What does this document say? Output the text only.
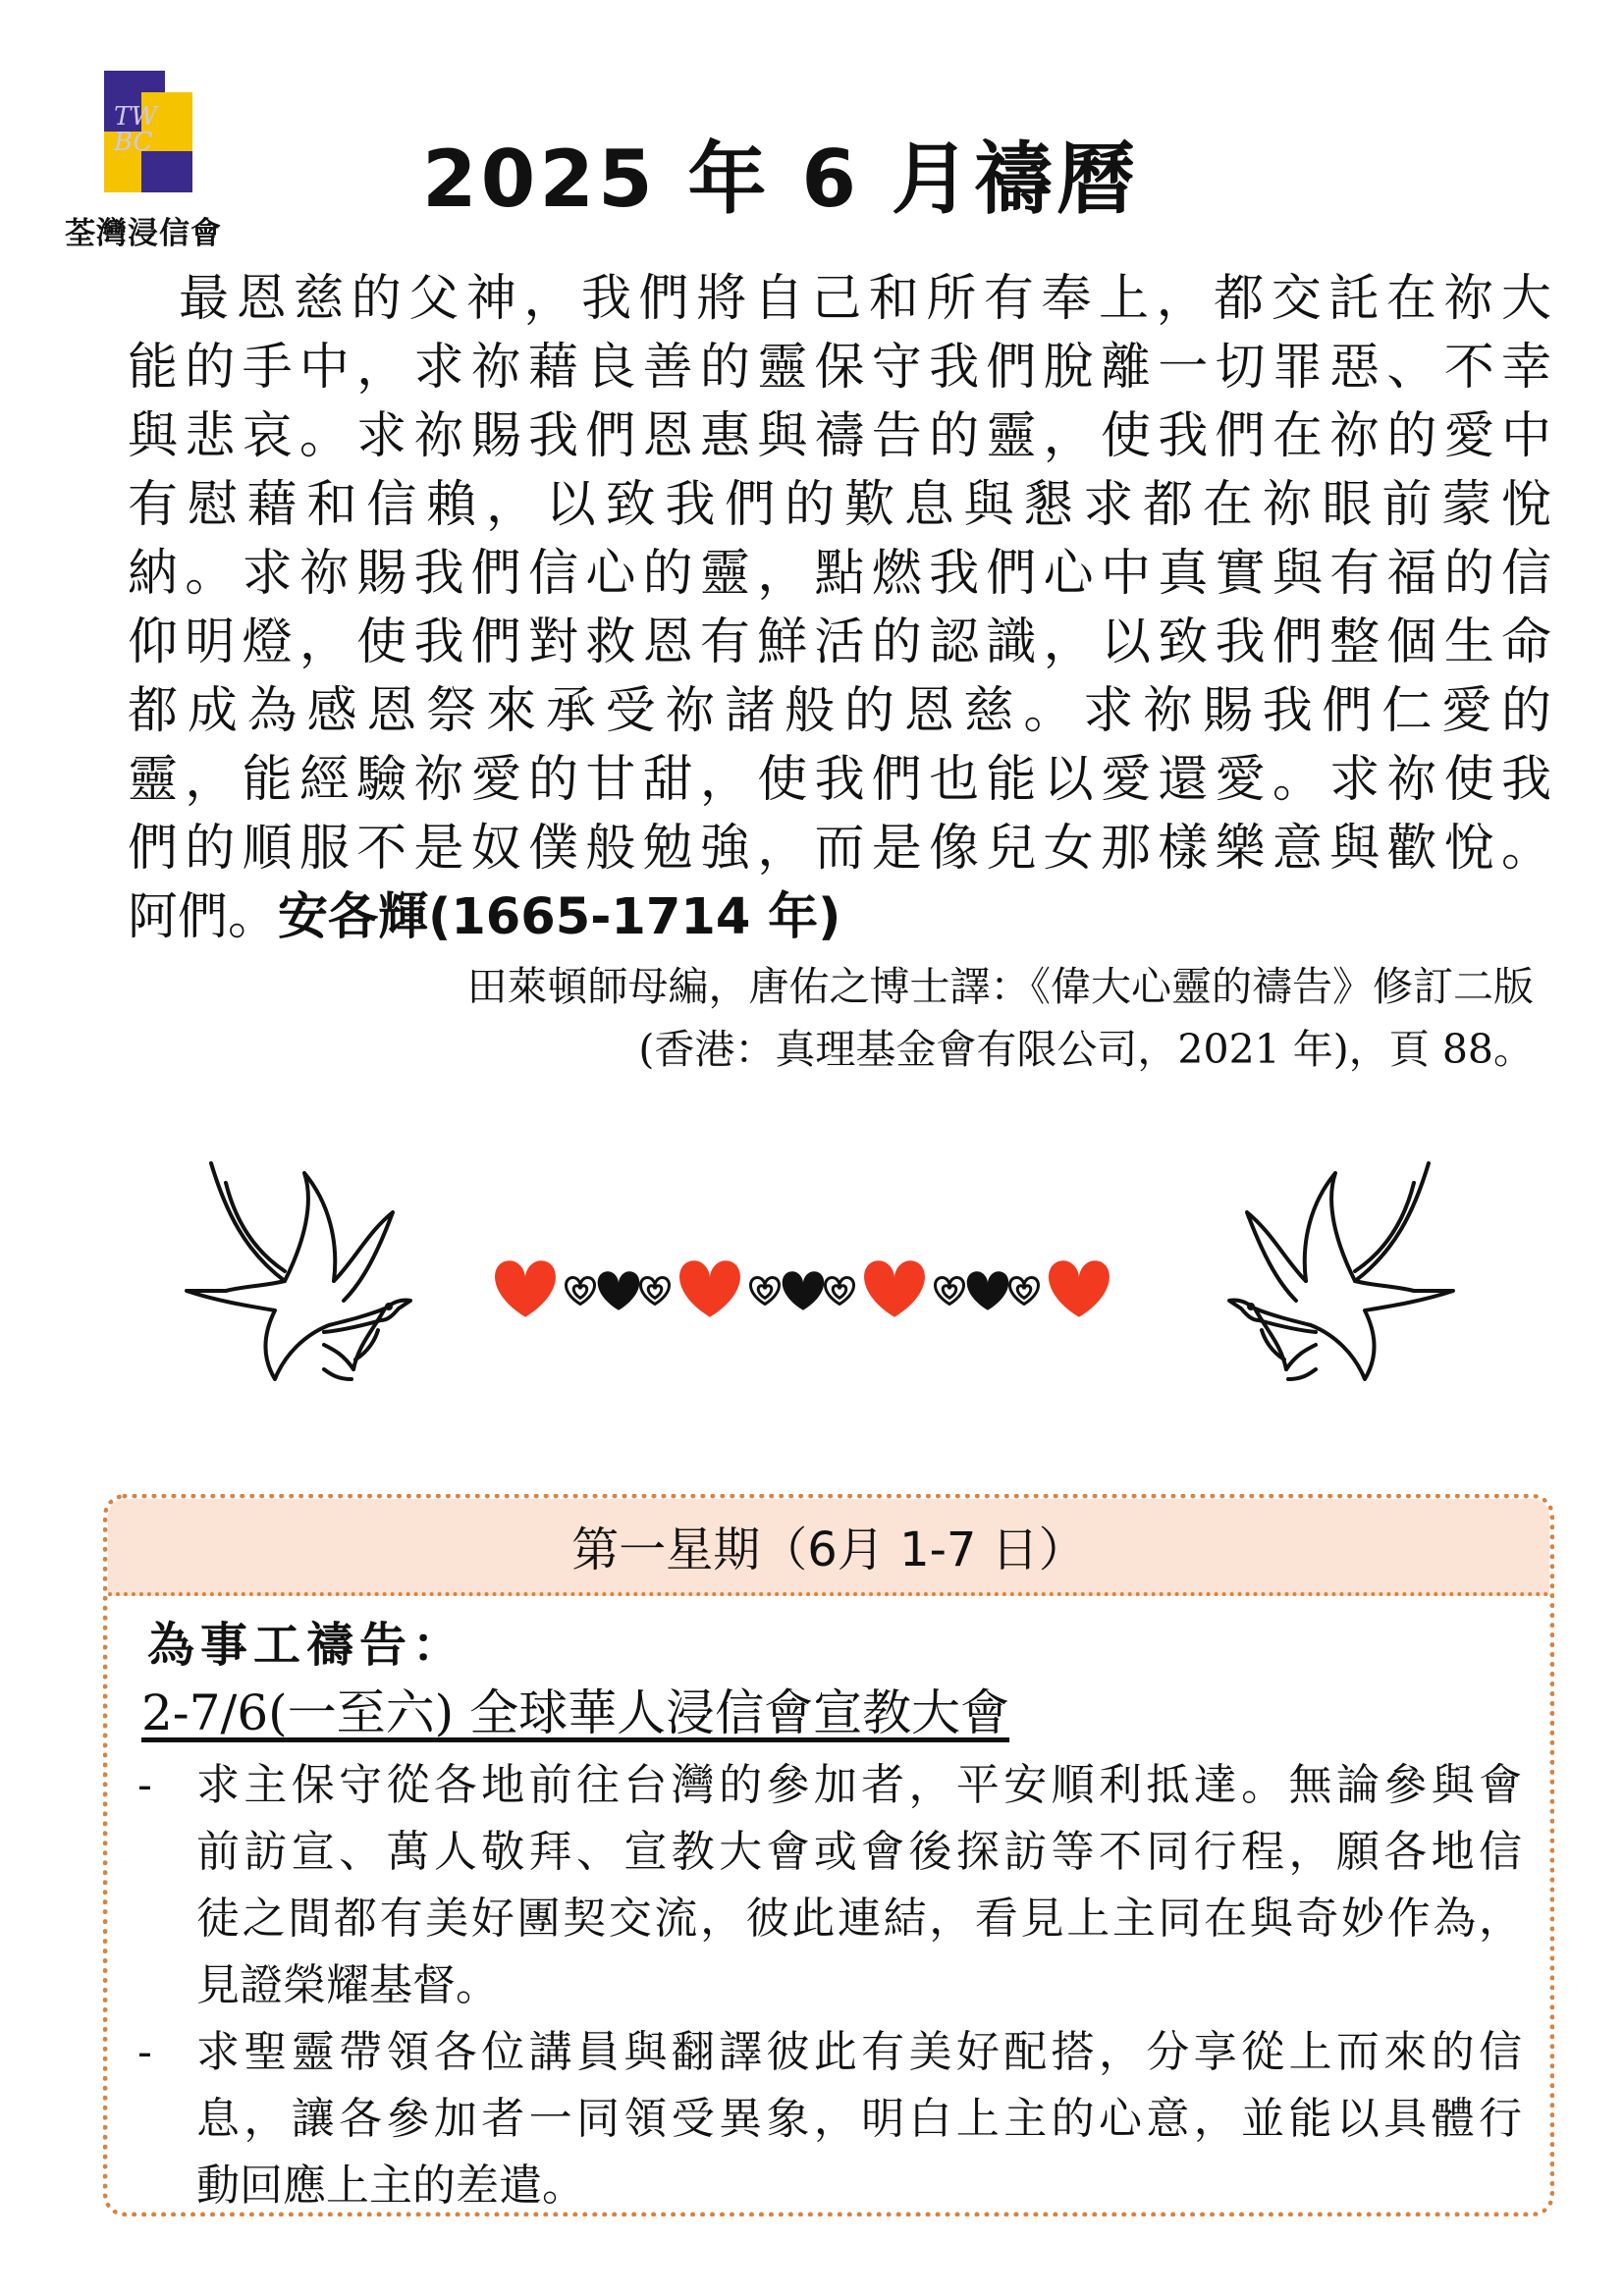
TW BC
荃灣浸信會
2025 年 6 月禱曆
最恩慈的父神，我們將自己和所有奉上，都交託在祢大
能的手中，求祢藉良善的靈保守我們脫離一切罪惡、不幸
與悲哀。求祢賜我們恩惠與禱告的靈，使我們在祢的愛中
有慰藉和信賴，以致我們的歎息與懇求都在祢眼前蒙悅
納。求祢賜我們信心的靈，點燃我們心中真實與有福的信
仰明燈，使我們對救恩有鮮活的認識，以致我們整個生命
都成為感恩祭來承受祢諸般的恩慈。求祢賜我們仁愛的
靈，能經驗祢愛的甘甜，使我們也能以愛還愛。求祢使我
們的順服不是奴僕般勉強，而是像兒女那樣樂意與歡悅。
阿們。安各輝(1665-1714 年)
田萊頓師母編，唐佑之博士譯：《偉大心靈的禱告》修訂二版
(香港：真理基金會有限公司，2021 年)，頁 88。
第一星期（6月 1-7 日）
為事工禱告：
2-7/6(一至六) 全球華人浸信會宣教大會
- 求主保守從各地前往台灣的參加者，平安順利抵達。無論參與會
前訪宣、萬人敬拜、宣教大會或會後探訪等不同行程，願各地信
徒之間都有美好團契交流，彼此連結，看見上主同在與奇妙作為，
見證榮耀基督。
- 求聖靈帶領各位講員與翻譯彼此有美好配搭，分享從上而來的信
息，讓各參加者一同領受異象，明白上主的心意，並能以具體行
動回應上主的差遣。
